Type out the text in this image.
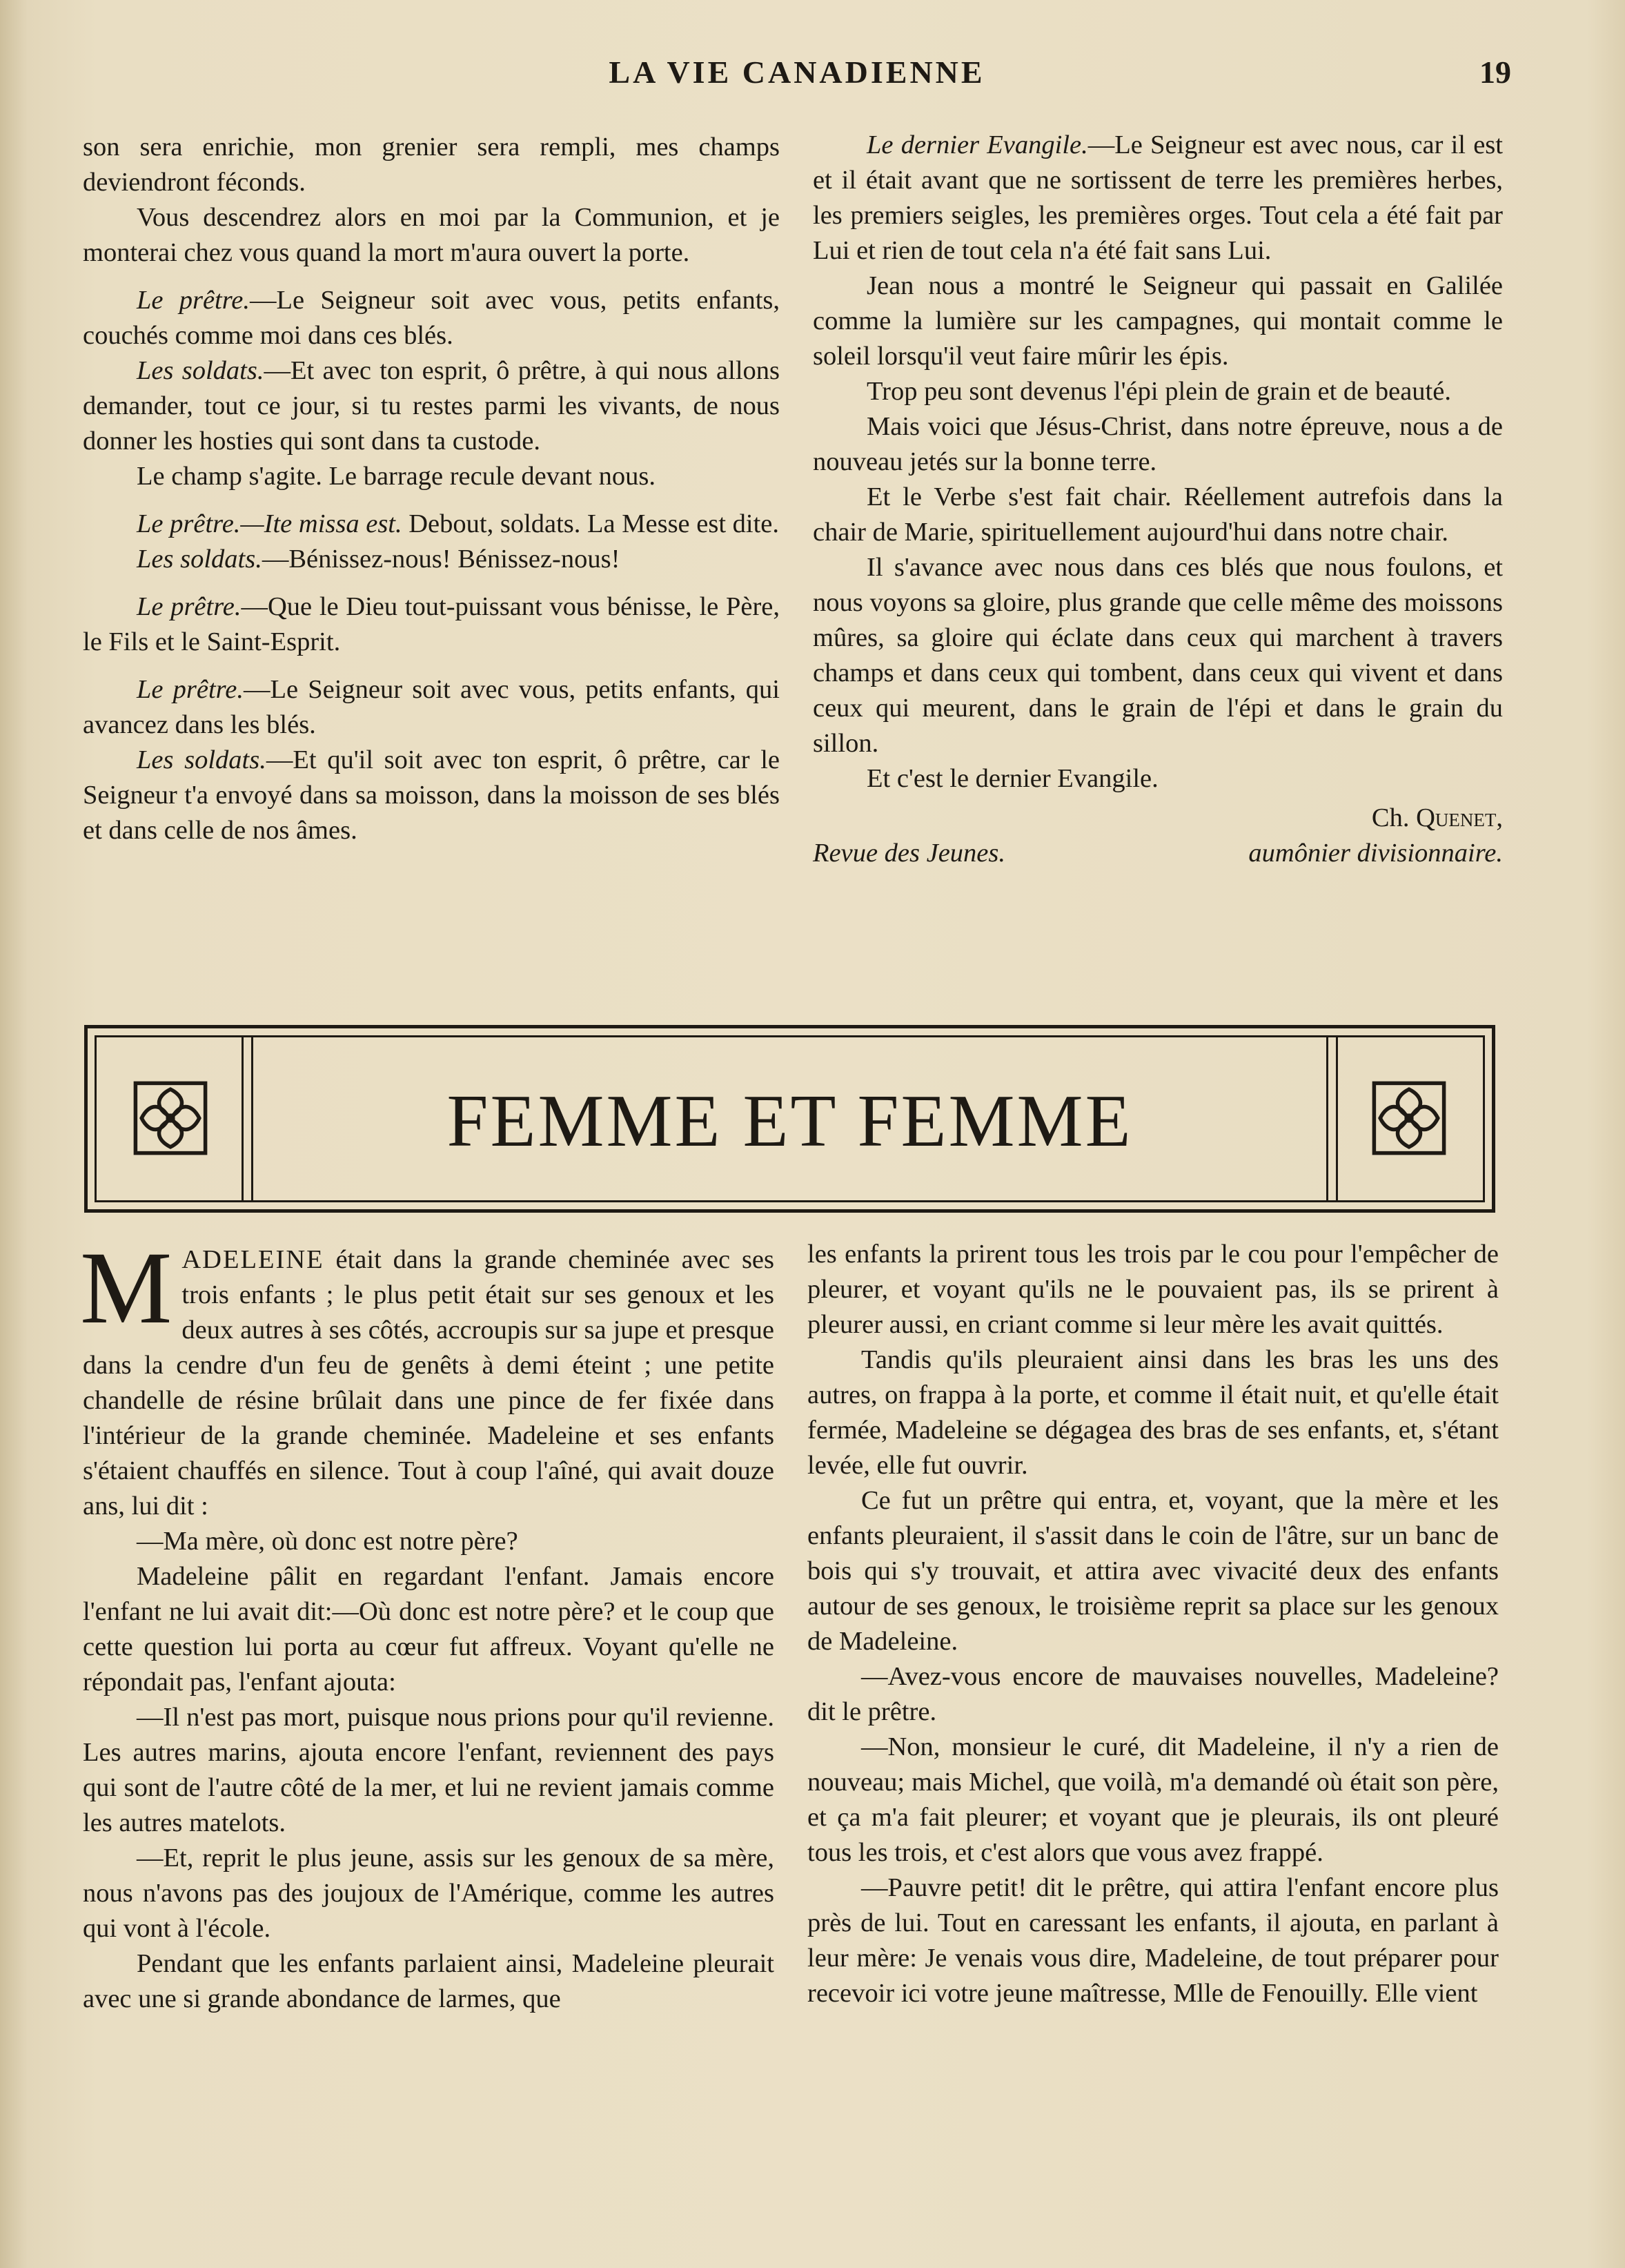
LA VIE CANADIENNE	19

son sera enrichie, mon grenier sera rempli, mes champs deviendront féconds.

Vous descendrez alors en moi par la Communion, et je monterai chez vous quand la mort m'aura ouvert la porte.

Le prêtre.—Le Seigneur soit avec vous, petits enfants, couchés comme moi dans ces blés.

Les soldats.—Et avec ton esprit, ô prêtre, à qui nous allons demander, tout ce jour, si tu restes parmi les vivants, de nous donner les hosties qui sont dans ta custode.

Le champ s'agite. Le barrage recule devant nous.

Le prêtre.—Ite missa est. Debout, soldats. La Messe est dite.

Les soldats.—Bénissez-nous! Bénissez-nous!

Le prêtre.—Que le Dieu tout-puissant vous bénisse, le Père, le Fils et le Saint-Esprit.

Le prêtre.—Le Seigneur soit avec vous, petits enfants, qui avancez dans les blés.

Les soldats.—Et qu'il soit avec ton esprit, ô prêtre, car le Seigneur t'a envoyé dans sa moisson, dans la moisson de ses blés et dans celle de nos âmes.

Le dernier Evangile.—Le Seigneur est avec nous, car il est et il était avant que ne sortissent de terre les premières herbes, les premiers seigles, les premières orges. Tout cela a été fait par Lui et rien de tout cela n'a été fait sans Lui.

Jean nous a montré le Seigneur qui passait en Galilée comme la lumière sur les campagnes, qui montait comme le soleil lorsqu'il veut faire mûrir les épis.

Trop peu sont devenus l'épi plein de grain et de beauté.

Mais voici que Jésus-Christ, dans notre épreuve, nous a de nouveau jetés sur la bonne terre.

Et le Verbe s'est fait chair. Réellement autrefois dans la chair de Marie, spirituellement aujourd'hui dans notre chair.

Il s'avance avec nous dans ces blés que nous foulons, et nous voyons sa gloire, plus grande que celle même des moissons mûres, sa gloire qui éclate dans ceux qui marchent à travers champs et dans ceux qui tombent, dans ceux qui vivent et dans ceux qui meurent, dans le grain de l'épi et dans le grain du sillon.

Et c'est le dernier Evangile.

Ch. Quenet,

Revue des Jeunes.	aumônier divisionnaire.

FEMME ET FEMME

MADELEINE était dans la grande cheminée avec ses trois enfants ; le plus petit était sur ses genoux et les deux autres à ses côtés, accroupis sur sa jupe et presque dans la cendre d'un feu de genêts à demi éteint ; une petite chandelle de résine brûlait dans une pince de fer fixée dans l'intérieur de la grande cheminée. Madeleine et ses enfants s'étaient chauffés en silence. Tout à coup l'aîné, qui avait douze ans, lui dit :

—Ma mère, où donc est notre père?

Madeleine pâlit en regardant l'enfant. Jamais encore l'enfant ne lui avait dit:—Où donc est notre père? et le coup que cette question lui porta au cœur fut affreux. Voyant qu'elle ne répondait pas, l'enfant ajouta:

—Il n'est pas mort, puisque nous prions pour qu'il revienne. Les autres marins, ajouta encore l'enfant, reviennent des pays qui sont de l'autre côté de la mer, et lui ne revient jamais comme les autres matelots.

—Et, reprit le plus jeune, assis sur les genoux de sa mère, nous n'avons pas des joujoux de l'Amérique, comme les autres qui vont à l'école.

Pendant que les enfants parlaient ainsi, Madeleine pleurait avec une si grande abondance de larmes, que

les enfants la prirent tous les trois par le cou pour l'empêcher de pleurer, et voyant qu'ils ne le pouvaient pas, ils se prirent à pleurer aussi, en criant comme si leur mère les avait quittés.

Tandis qu'ils pleuraient ainsi dans les bras les uns des autres, on frappa à la porte, et comme il était nuit, et qu'elle était fermée, Madeleine se dégagea des bras de ses enfants, et, s'étant levée, elle fut ouvrir.

Ce fut un prêtre qui entra, et, voyant, que la mère et les enfants pleuraient, il s'assit dans le coin de l'âtre, sur un banc de bois qui s'y trouvait, et attira avec vivacité deux des enfants autour de ses genoux, le troisième reprit sa place sur les genoux de Madeleine.

—Avez-vous encore de mauvaises nouvelles, Madeleine? dit le prêtre.

—Non, monsieur le curé, dit Madeleine, il n'y a rien de nouveau; mais Michel, que voilà, m'a demandé où était son père, et ça m'a fait pleurer; et voyant que je pleurais, ils ont pleuré tous les trois, et c'est alors que vous avez frappé.

—Pauvre petit! dit le prêtre, qui attira l'enfant encore plus près de lui. Tout en caressant les enfants, il ajouta, en parlant à leur mère: Je venais vous dire, Madeleine, de tout préparer pour recevoir ici votre jeune maîtresse, Mlle de Fenouilly. Elle vient
